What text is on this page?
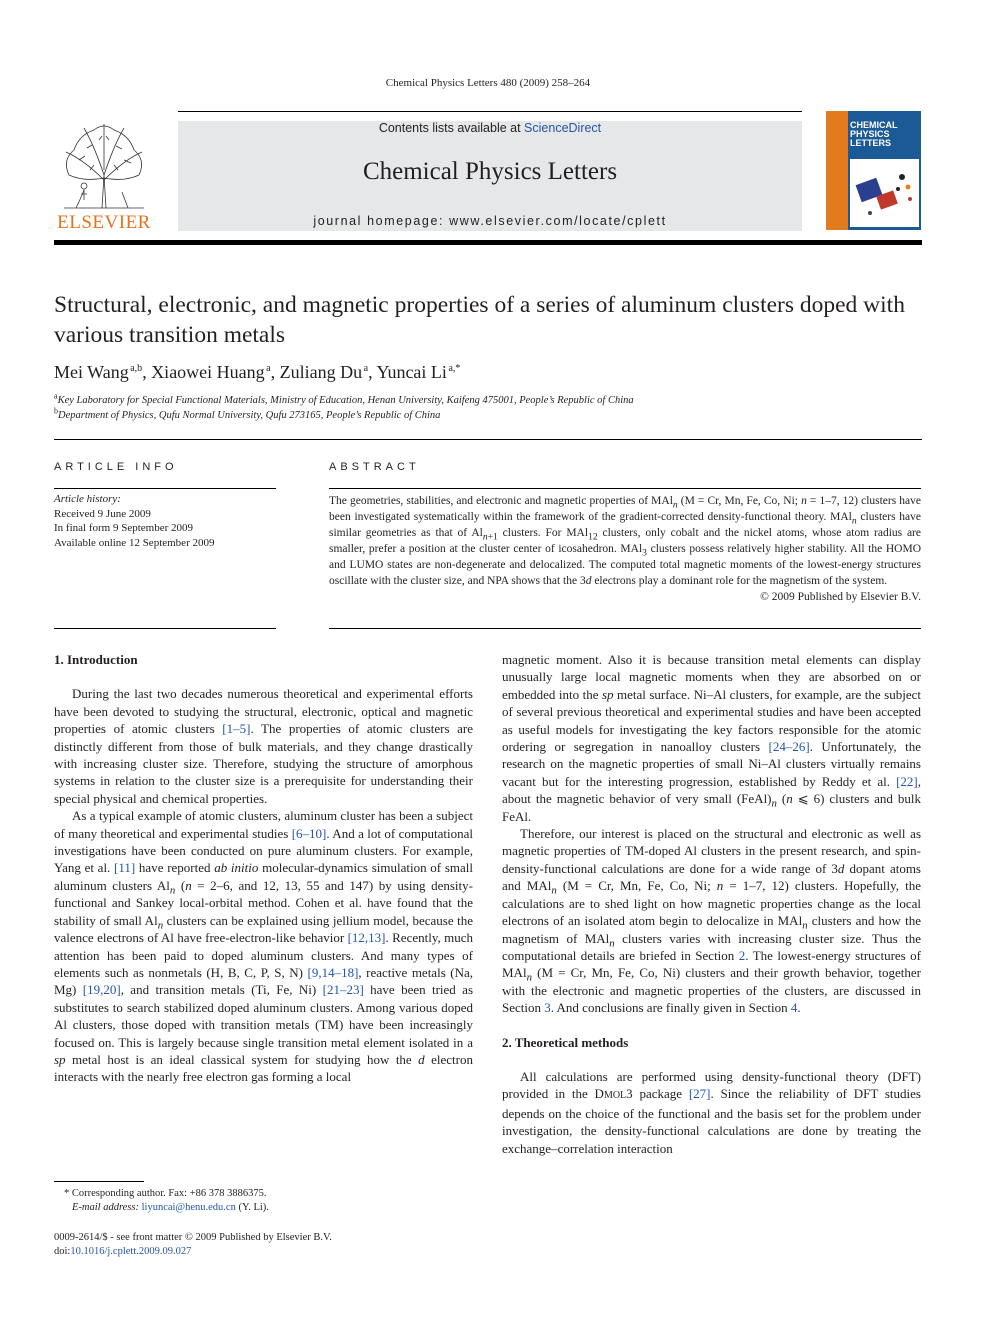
Chemical Physics Letters 480 (2009) 258–264
ELSEVIER
Contents lists available at ScienceDirect
Chemical Physics Letters
journal homepage: www.elsevier.com/locate/cplett
CHEMICAL
PHYSICS
LETTERS
Structural, electronic, and magnetic properties of a series of aluminum clusters doped with various transition metals
Mei Wang  $^{a,b}$, Xiaowei Huang  $^a$, Zuliang Du  $^a$, Yuncai Li  $^{a,*}$
$^a$Key Laboratory for Special Functional Materials, Ministry of Education, Henan University, Kaifeng 475001, People’s Republic of China
$^b$Department of Physics, Qufu Normal University, Qufu 273165, People’s Republic of China
ARTICLE INFO	ABSTRACT
Article history:
Received 9 June 2009
In final form 9 September 2009
Available online 12 September 2009
The geometries, stabilities, and electronic and magnetic properties of MAl$_n$ (M = Cr, Mn, Fe, Co, Ni; n = 1–7, 12) clusters have been investigated systematically within the framework of the gradient-corrected density-functional theory. MAl$_n$ clusters have similar geometries as that of $Al_{n+1}$ clusters. For MAl$_{12}$ clusters, only cobalt and the nickel atoms, whose atom radius are smaller, prefer a position at the cluster center of icosahedron. MAl$_3$ clusters possess relatively higher stability. All the HOMO and LUMO states are non-degenerate and delocalized. The computed total magnetic moments of the lowest-energy structures oscillate with the cluster size, and NPA shows that the 3d electrons play a dominant role for the magnetism of the system.
© 2009 Published by Elsevier B.V.
1. Introduction

During the last two decades numerous theoretical and experimental efforts have been devoted to studying the structural, electronic, optical and magnetic properties of atomic clusters [1–5]. The properties of atomic clusters are distinctly different from those of bulk materials, and they change drastically with increasing cluster size. Therefore, studying the structure of amorphous systems in relation to the cluster size is a prerequisite for understanding their special physical and chemical properties.

As a typical example of atomic clusters, aluminum cluster has been a subject of many theoretical and experimental studies [6–10]. And a lot of computational investigations have been conducted on pure aluminum clusters. For example, Yang et al. [11] have reported ab initio molecular-dynamics simulation of small aluminum clusters $Al_n$ (n = 2–6, and 12, 13, 55 and 147) by using density-functional and Sankey local-orbital method. Cohen et al. have found that the stability of small $Al_n$ clusters can be explained using jellium model, because the valence electrons of Al have free-electron-like behavior [12,13]. Recently, much attention has been paid to doped aluminum clusters. And many types of elements such as nonmetals (H, B, C, P, S, N) [9,14–18], reactive metals (Na, Mg) [19,20], and transition metals (Ti, Fe, Ni) [21–23] have been tried as substitutes to search stabilized doped aluminum clusters. Among various doped Al clusters, those doped with transition metals (TM) have been increasingly focused on. This is largely because single transition metal element isolated in a sp metal host is an ideal classical system for studying how the d electron interacts with the nearly free electron gas forming a local

magnetic moment. Also it is because transition metal elements can display unusually large local magnetic moments when they are absorbed on or embedded into the sp metal surface. Ni–Al clusters, for example, are the subject of several previous theoretical and experimental studies and have been accepted as useful models for investigating the key factors responsible for the atomic ordering or segregation in nanoalloy clusters [24–26]. Unfortunately, the research on the magnetic properties of small Ni–Al clusters virtually remains vacant but for the interesting progression, established by Reddy et al. [22], about the magnetic behavior of very small $(FeAl)_n$ (n ⩽ 6) clusters and bulk FeAl.

Therefore, our interest is placed on the structural and electronic as well as magnetic properties of TM-doped Al clusters in the present research, and spin-density-functional calculations are done for a wide range of 3d dopant atoms and MAl$_n$ (M = Cr, Mn, Fe, Co, Ni; n = 1–7, 12) clusters. Hopefully, the calculations are to shed light on how magnetic properties change as the local electrons of an isolated atom begin to delocalize in MAl$_n$ clusters and how the magnetism of MAl$_n$ clusters varies with increasing cluster size. Thus the computational details are briefed in Section 2. The lowest-energy structures of MAl$_n$ (M = Cr, Mn, Fe, Co, Ni) clusters and their growth behavior, together with the electronic and magnetic properties of the clusters, are discussed in Section 3. And conclusions are finally given in Section 4.

2. Theoretical methods

All calculations are performed using density-functional theory (DFT) provided in the DMOL3 package [27]. Since the reliability of DFT studies depends on the choice of the functional and the basis set for the problem under investigation, the density-functional calculations are done by treating the exchange–correlation interaction

* Corresponding author. Fax: +86 378 3886375.
E-mail address: liyuncai@henu.edu.cn (Y. Li).
0009-2614/$ - see front matter © 2009 Published by Elsevier B.V.
doi:10.1016/j.cplett.2009.09.027
